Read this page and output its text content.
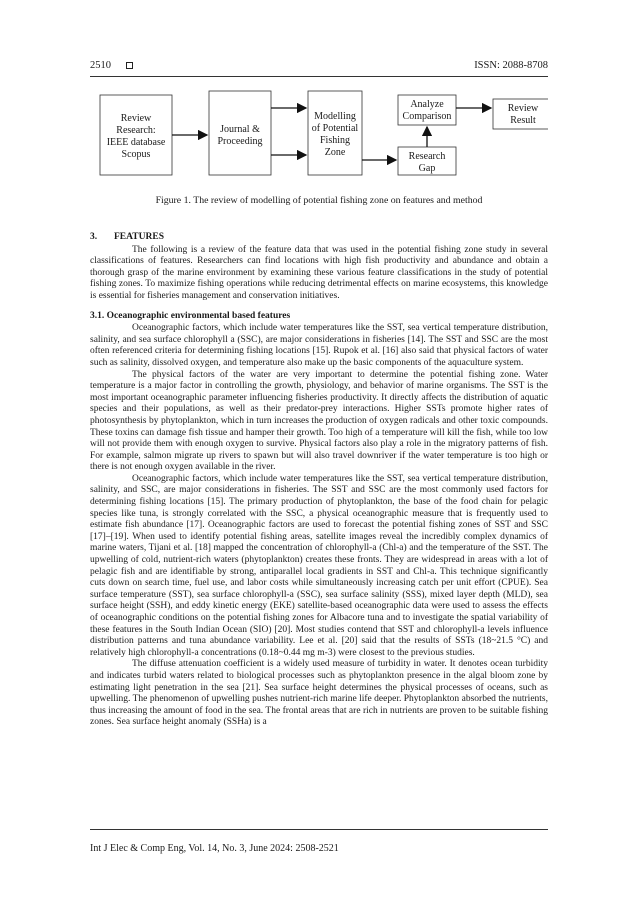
2510	ISSN: 2088-8708
Review
Research:
IEEE database
Scopus
Journal &
Proceeding
Modelling
of Potential
Fishing
Zone
Analyze
Comparison
Research
Gap
Review
Result
Figure 1. The review of modelling of potential fishing zone on features and method
3. FEATURES

The following is a review of the feature data that was used in the potential fishing zone study in several classifications of features. Researchers can find locations with high fish productivity and abundance and obtain a thorough grasp of the marine environment by examining these various feature classifications in the study of potential fishing zones. To maximize fishing operations while reducing detrimental effects on marine ecosystems, this knowledge is essential for fisheries management and conservation initiatives.

3.1. Oceanographic environmental based features

Oceanographic factors, which include water temperatures like the SST, sea vertical temperature distribution, salinity, and sea surface chlorophyll a (SSC), are major considerations in fisheries [14]. The SST and SSC are the most often referenced criteria for determining fishing locations [15]. Rupok et al. [16] also said that physical factors of water such as salinity, dissolved oxygen, and temperature also make up the basic components of the aquaculture system.

The physical factors of the water are very important to determine the potential fishing zone. Water temperature is a major factor in controlling the growth, physiology, and behavior of marine organisms. The SST is the most important oceanographic parameter influencing fisheries productivity. It directly affects the distribution of aquatic species and their populations, as well as their predator-prey interactions. Higher SSTs promote higher rates of photosynthesis by phytoplankton, which in turn increases the production of oxygen radicals and other toxic compounds. These toxins can damage fish tissue and hamper their growth. Too high of a temperature will kill the fish, while too low will not provide them with enough oxygen to survive. Physical factors also play a role in the migratory patterns of fish. For example, salmon migrate up rivers to spawn but will also travel downriver if the water temperature is too high or there is not enough oxygen available in the river.

Oceanographic factors, which include water temperatures like the SST, sea vertical temperature distribution, salinity, and SSC, are major considerations in fisheries. The SST and SSC are the most commonly used factors for determining fishing locations [15]. The primary production of phytoplankton, the base of the food chain for pelagic species like tuna, is strongly correlated with the SSC, a physical oceanographic measure that is frequently used to estimate fish abundance [17]. Oceanographic factors are used to forecast the potential fishing zones of SST and SSC [17]–[19]. When used to identify potential fishing areas, satellite images reveal the incredibly complex dynamics of marine waters, Tijani et al. [18] mapped the concentration of chlorophyll-a (Chl-a) and the temperature of the SST. The upwelling of cold, nutrient-rich waters (phytoplankton) creates these fronts. They are widespread in areas with a lot of pelagic fish and are identifiable by strong, antiparallel local gradients in SST and Chl-a. This technique significantly cuts down on search time, fuel use, and labor costs while simultaneously increasing catch per unit effort (CPUE). Sea surface temperature (SST), sea surface chlorophyll-a (SSC), sea surface salinity (SSS), mixed layer depth (MLD), sea surface height (SSH), and eddy kinetic energy (EKE) satellite-based oceanographic data were used to assess the effects of oceanographic conditions on the potential fishing zones for Albacore tuna and to investigate the spatial variability of these features in the South Indian Ocean (SIO) [20]. Most studies contend that SST and chlorophyll-a levels influence distribution patterns and tuna abundance variability. Lee et al. [20] said that the results of SSTs (18~21.5 °C) and relatively high chlorophyll-a concentrations (0.18~0.44 mg m-3) were closest to the previous studies.

The diffuse attenuation coefficient is a widely used measure of turbidity in water. It denotes ocean turbidity and indicates turbid waters related to biological processes such as phytoplankton presence in the algal bloom zone by estimating light penetration in the sea [21]. Sea surface height determines the physical processes of oceans, such as upwelling. The phenomenon of upwelling pushes nutrient-rich marine life deeper. Phytoplankton absorbed the nutrients, thus increasing the amount of food in the sea. The frontal areas that are rich in nutrients are proven to be suitable fishing zones. Sea surface height anomaly (SSHa) is a

Int J Elec & Comp Eng, Vol. 14, No. 3, June 2024: 2508-2521
